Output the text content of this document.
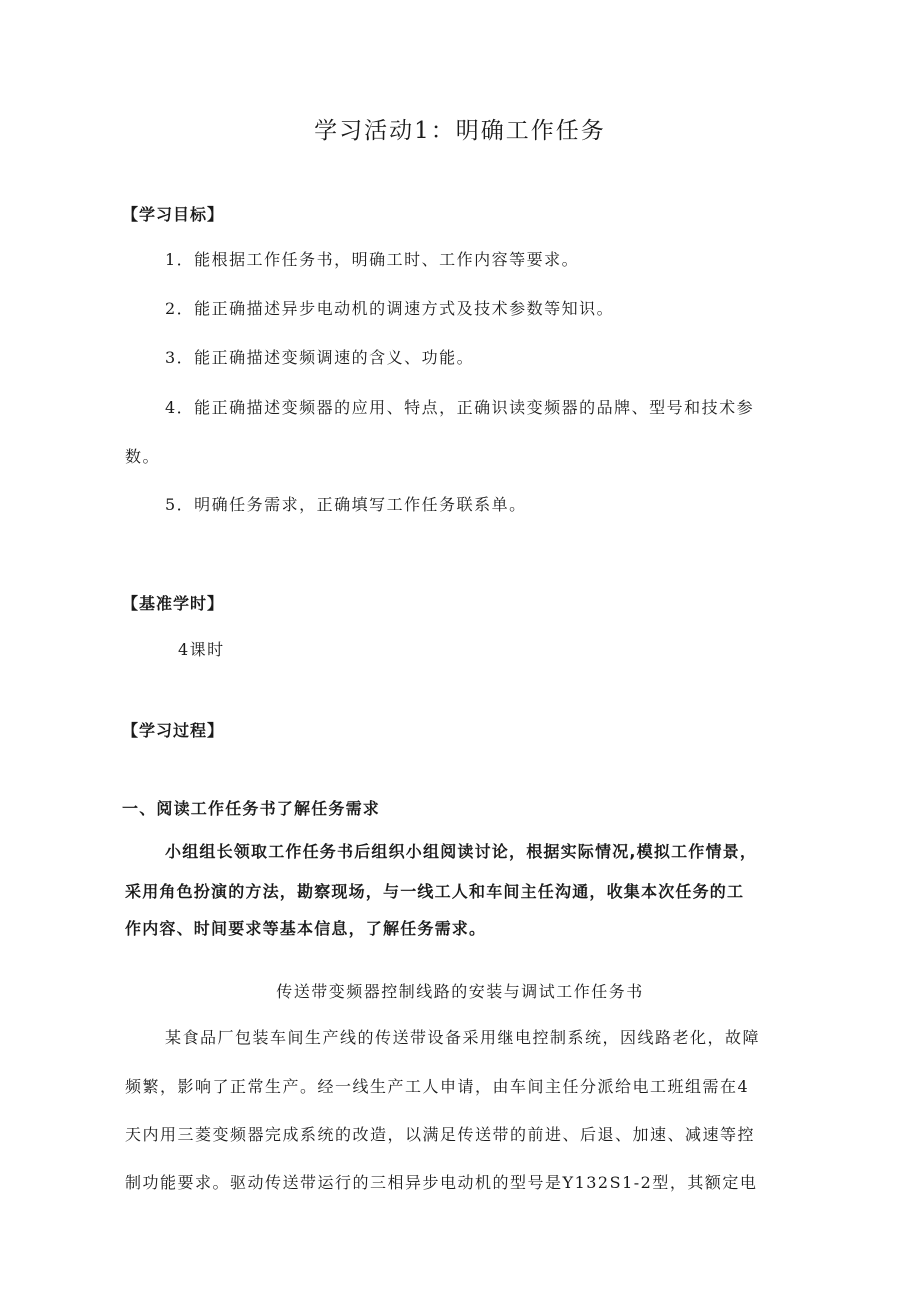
学习活动1：明确工作任务
【学习目标】
1．能根据工作任务书，明确工时、工作内容等要求。
2．能正确描述异步电动机的调速方式及技术参数等知识。
3．能正确描述变频调速的含义、功能。
4．能正确描述变频器的应用、特点，正确识读变频器的品牌、型号和技术参
数。
5．明确任务需求，正确填写工作任务联系单。
【基准学时】
4课时
【学习过程】
一、阅读工作任务书了解任务需求
小组组长领取工作任务书后组织小组阅读讨论，根据实际情况,模拟工作情景，
采用角色扮演的方法，勘察现场，与一线工人和车间主任沟通，收集本次任务的工
作内容、时间要求等基本信息，了解任务需求。
传送带变频器控制线路的安装与调试工作任务书
某食品厂包装车间生产线的传送带设备采用继电控制系统，因线路老化，故障
频繁，影响了正常生产。经一线生产工人申请，由车间主任分派给电工班组需在4
天内用三菱变频器完成系统的改造，以满足传送带的前进、后退、加速、减速等控
制功能要求。驱动传送带运行的三相异步电动机的型号是Y132S1-2型，其额定电
